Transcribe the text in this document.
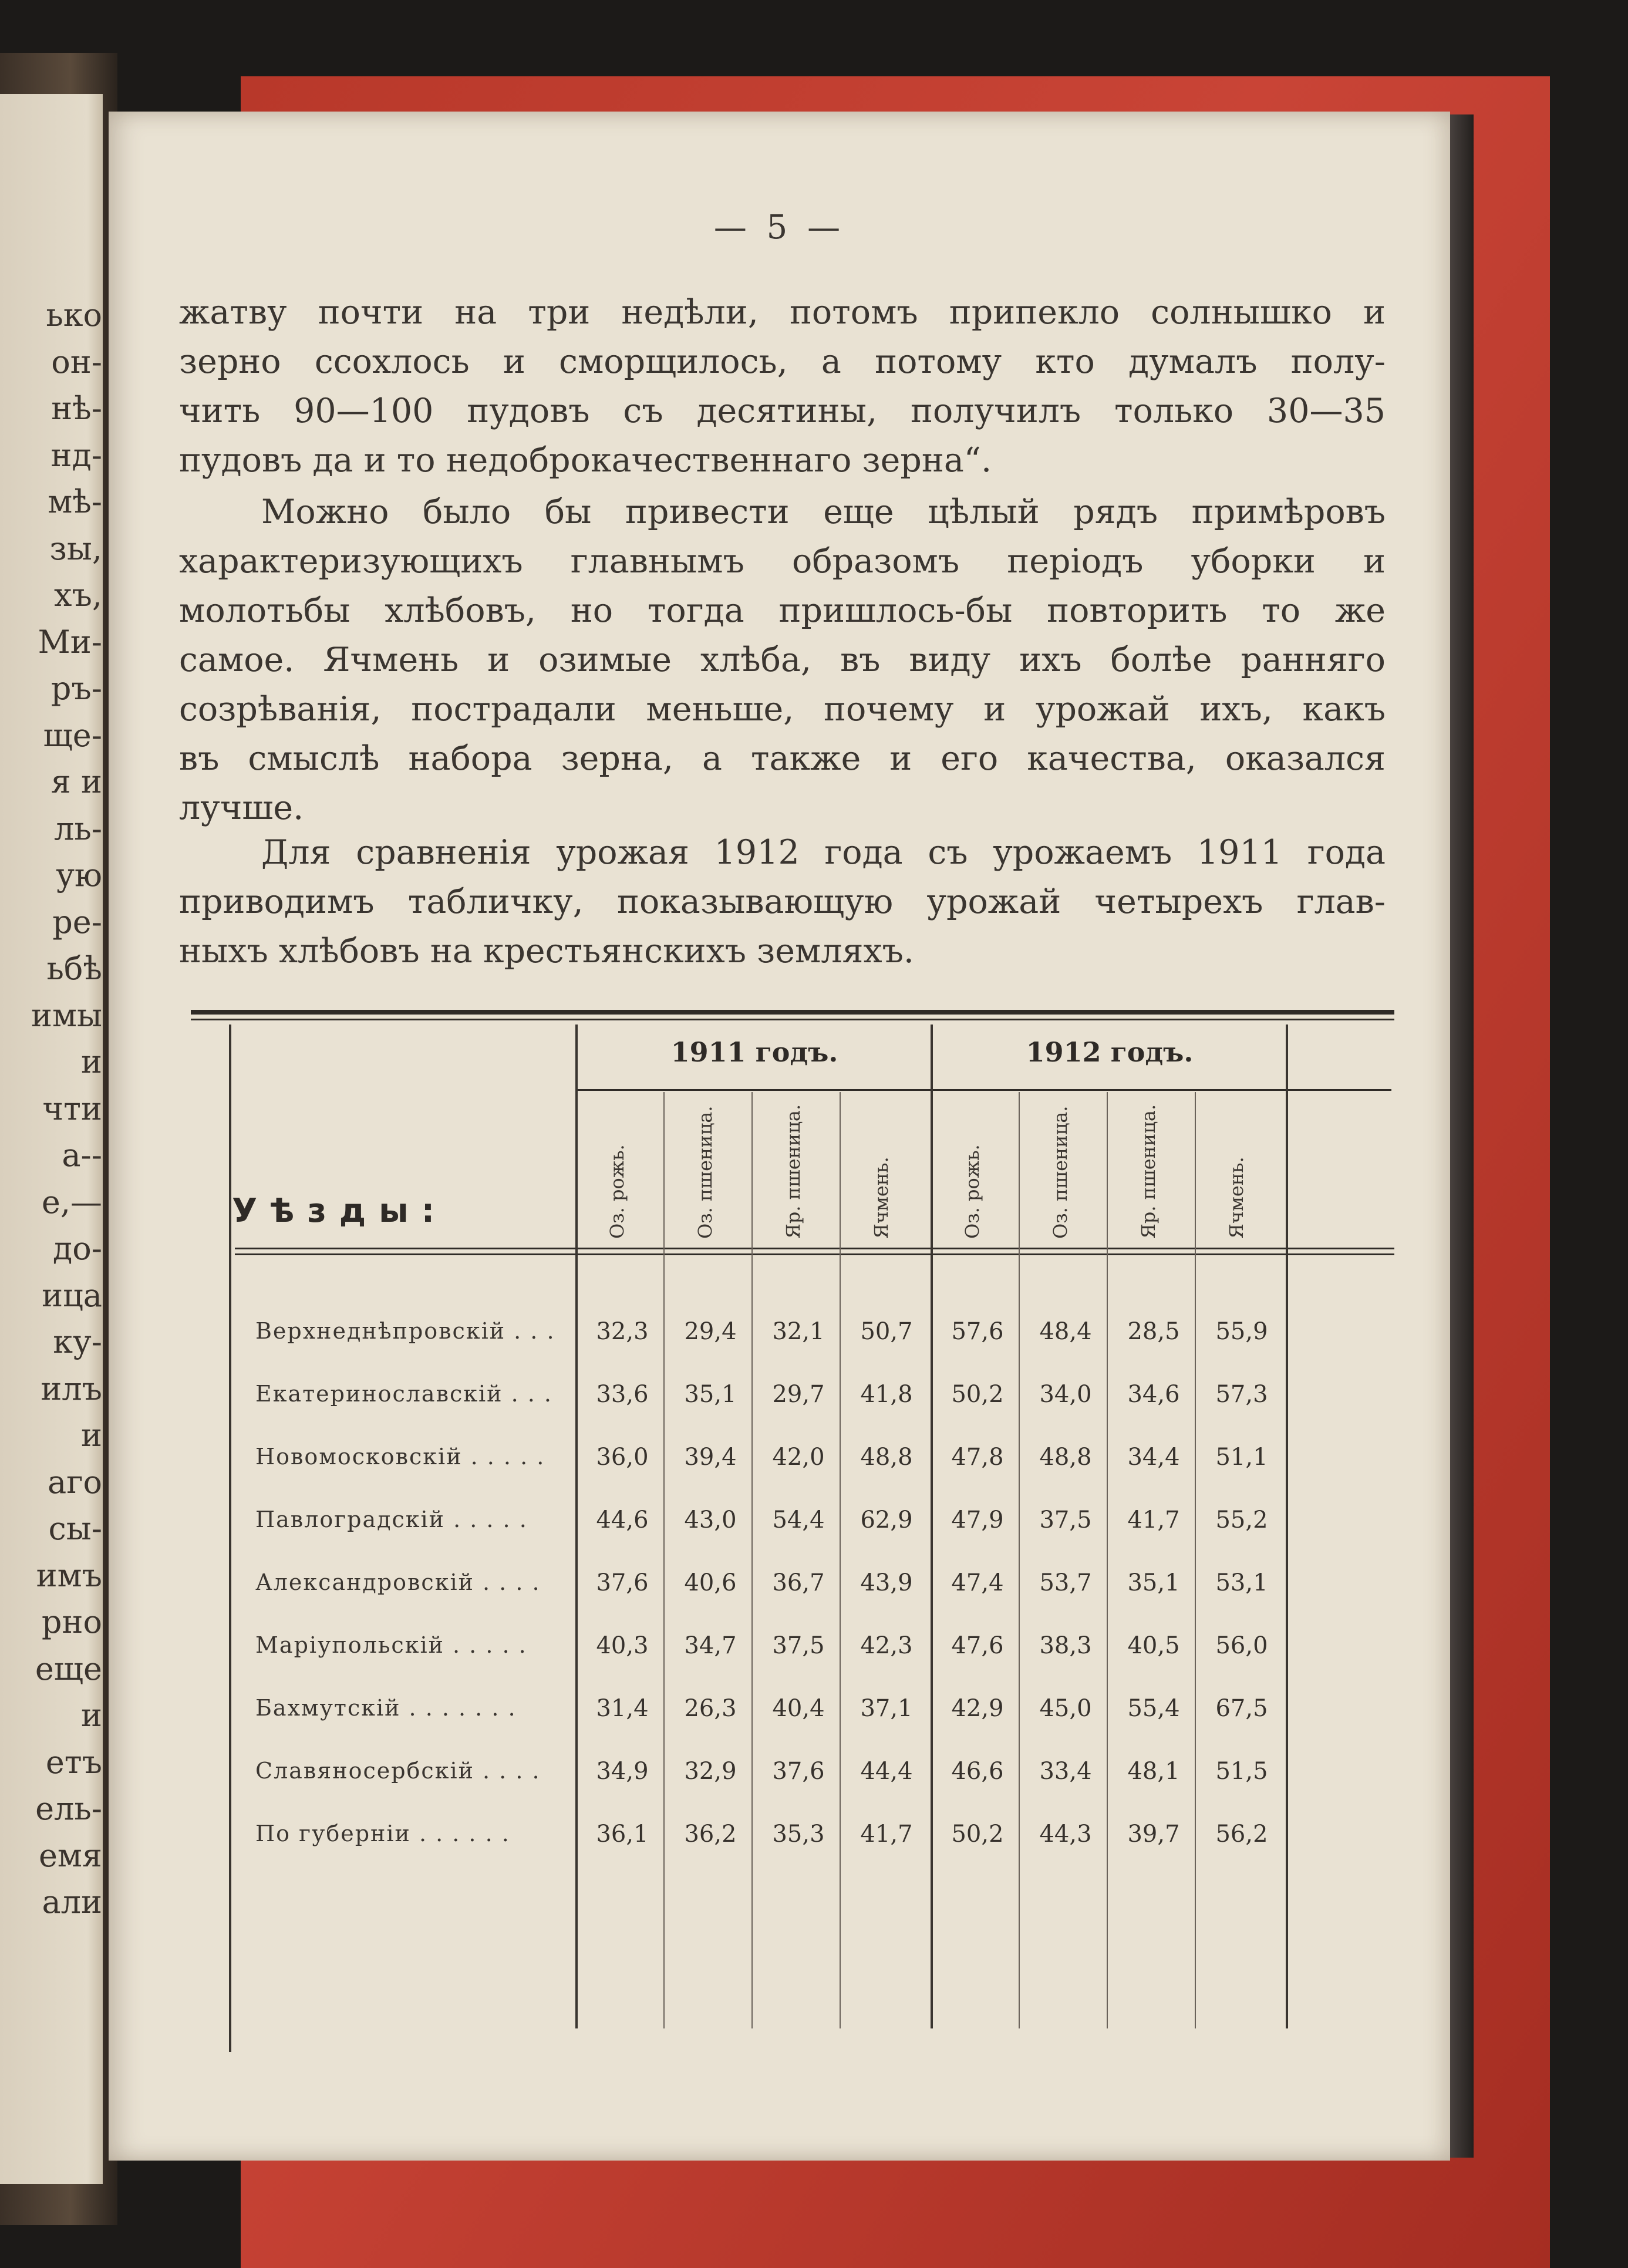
ько
он-
нѣ-
нд-
мѣ-
зы,
хъ,
Ми-
ръ-
ще-
я и
ль-
ую
ре-
ьбѣ
имы
и
чти
а--
е,—
до-
ица
ку-
илъ
и
аго
сы-
имъ
рно
еще
и
етъ
ель-
емя
али
— 5 —
жатву почти на три недѣли, потомъ припекло солнышко и
зерно ссохлось и сморщилось, а потому кто думалъ полу-
чить 90—100 пудовъ съ десятины, получилъ только 30—35
пудовъ да и то недоброкачественнаго зерна“.
Можно было бы привести еще цѣлый рядъ примѣровъ
характеризующихъ главнымъ образомъ періодъ уборки и
молотьбы хлѣбовъ, но тогда пришлось-бы повторить то же
самое. Ячмень и озимые хлѣба, въ виду ихъ болѣе ранняго
созрѣванія, пострадали меньше, почему и урожай ихъ, какъ
въ смыслѣ набора зерна, а также и его качества, оказался
лучше.
Для сравненія урожая 1912 года съ урожаемъ 1911 года
приводимъ табличку, показывающую урожай четырехъ глав-
ныхъ хлѣбовъ на крестьянскихъ земляхъ.
1911 годъ.	1912 годъ.
Уѣзды:	Оз. рожь.	Оз. пшеница.	Яр. пшеница.	Ячмень.	Оз. рожь.	Оз. пшеница.	Яр. пшеница.	Ячмень.
Верхнеднѣпровскій . . .	32,3	29,4	32,1	50,7	57,6	48,4	28,5	55,9
Екатеринославскій . . .	33,6	35,1	29,7	41,8	50,2	34,0	34,6	57,3
Новомосковскій . . . . .	36,0	39,4	42,0	48,8	47,8	48,8	34,4	51,1
Павлоградскій . . . . .	44,6	43,0	54,4	62,9	47,9	37,5	41,7	55,2
Александровскій . . . .	37,6	40,6	36,7	43,9	47,4	53,7	35,1	53,1
Маріупольскій . . . . .	40,3	34,7	37,5	42,3	47,6	38,3	40,5	56,0
Бахмутскій . . . . . . .	31,4	26,3	40,4	37,1	42,9	45,0	55,4	67,5
Славяносербскій . . . .	34,9	32,9	37,6	44,4	46,6	33,4	48,1	51,5
По губерніи . . . . . .	36,1	36,2	35,3	41,7	50,2	44,3	39,7	56,2
